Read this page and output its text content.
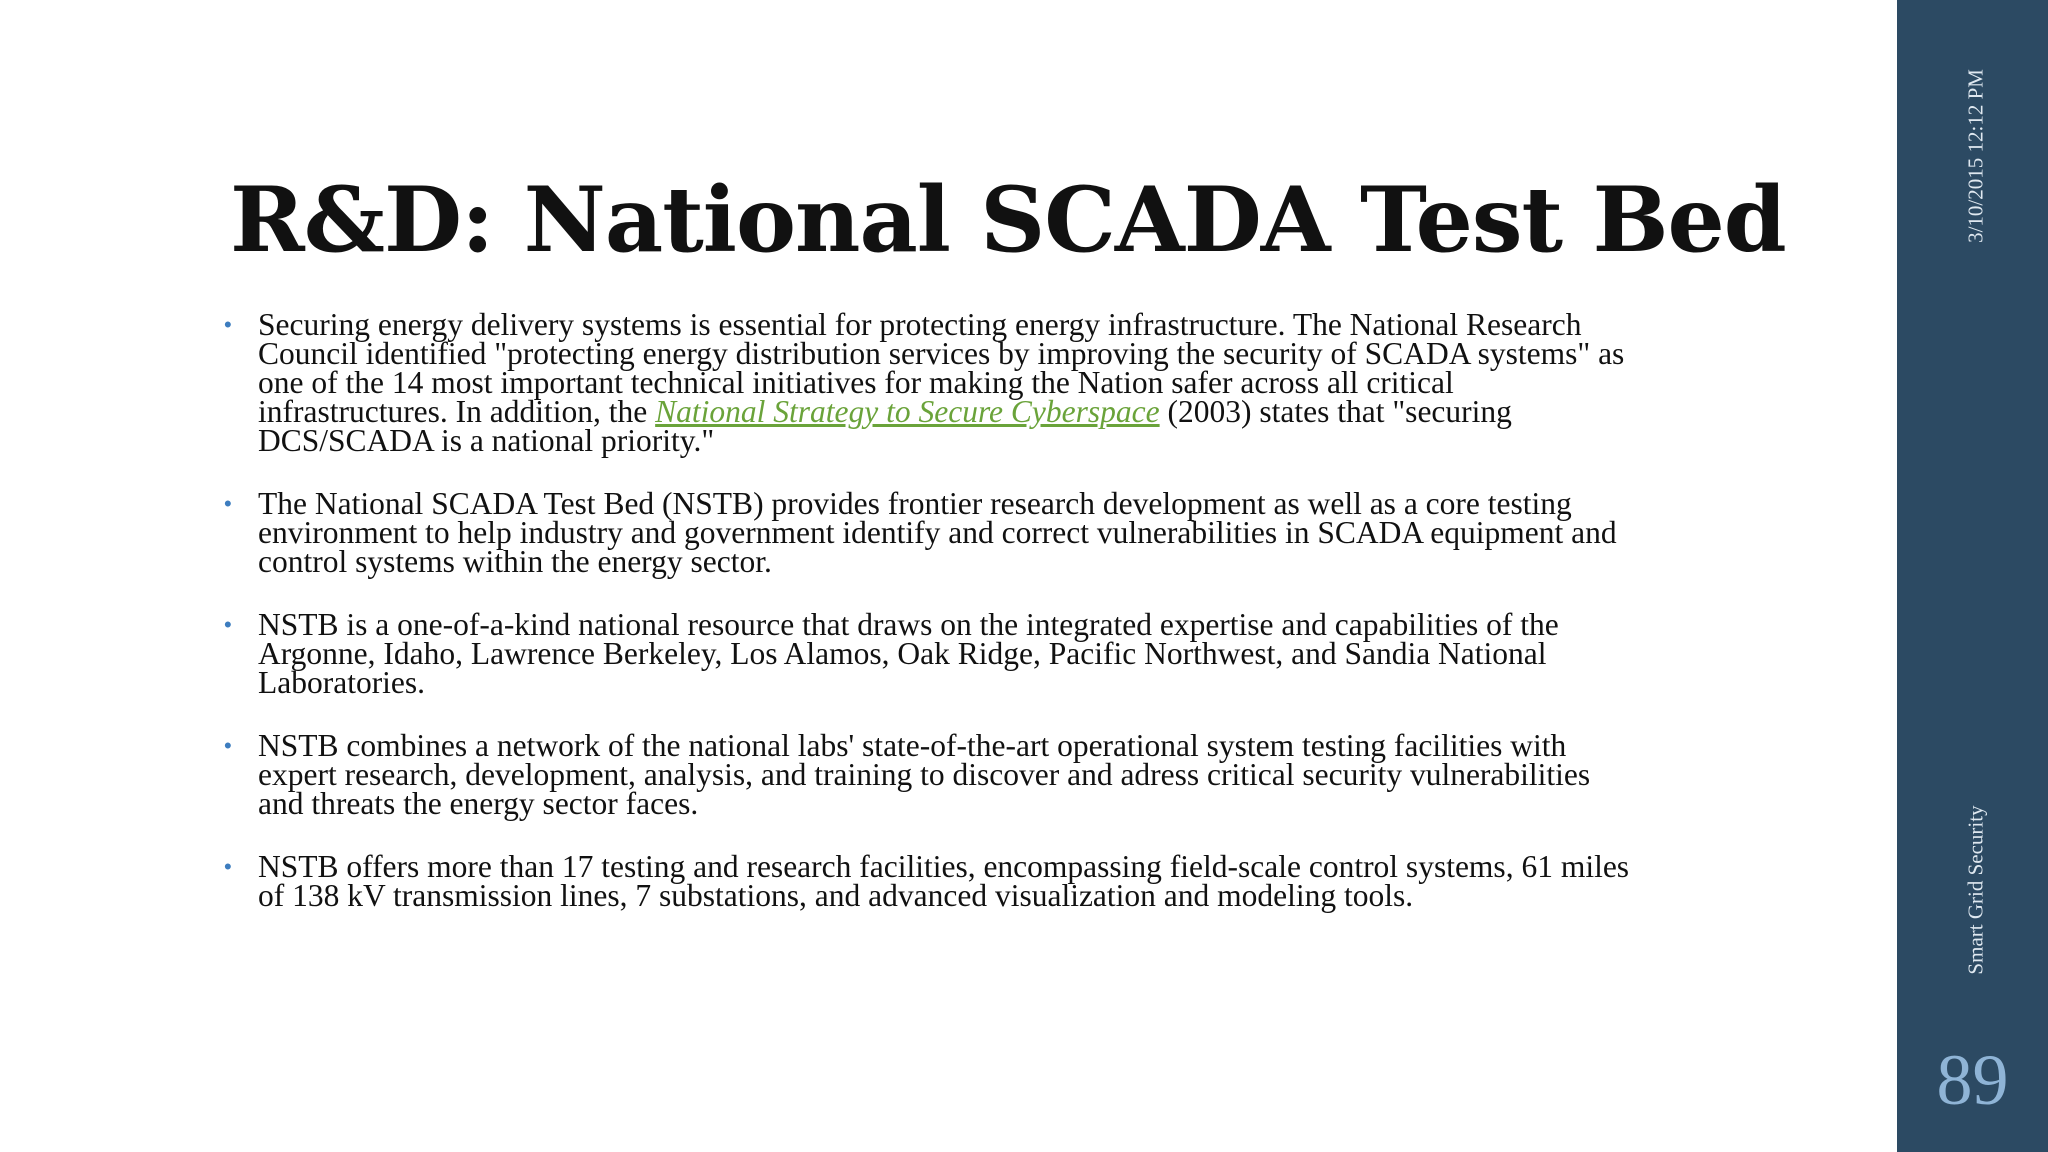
R&D: National SCADA Test Bed
• Securing energy delivery systems is essential for protecting energy infrastructure. The National Research Council identified "protecting energy distribution services by improving the security of SCADA systems" as one of the 14 most important technical initiatives for making the Nation safer across all critical infrastructures. In addition, the National Strategy to Secure Cyberspace (2003) states that "securing DCS/SCADA is a national priority."
• The National SCADA Test Bed (NSTB) provides frontier research development as well as a core testing environment to help industry and government identify and correct vulnerabilities in SCADA equipment and control systems within the energy sector.
• NSTB is a one-of-a-kind national resource that draws on the integrated expertise and capabilities of the Argonne, Idaho, Lawrence Berkeley, Los Alamos, Oak Ridge, Pacific Northwest, and Sandia National Laboratories.
• NSTB combines a network of the national labs' state-of-the-art operational system testing facilities with expert research, development, analysis, and training to discover and adress critical security vulnerabilities and threats the energy sector faces.
• NSTB offers more than 17 testing and research facilities, encompassing field-scale control systems, 61 miles of 138 kV transmission lines, 7 substations, and advanced visualization and modeling tools.
3/10/2015 12:12 PM
Smart Grid Security
89
